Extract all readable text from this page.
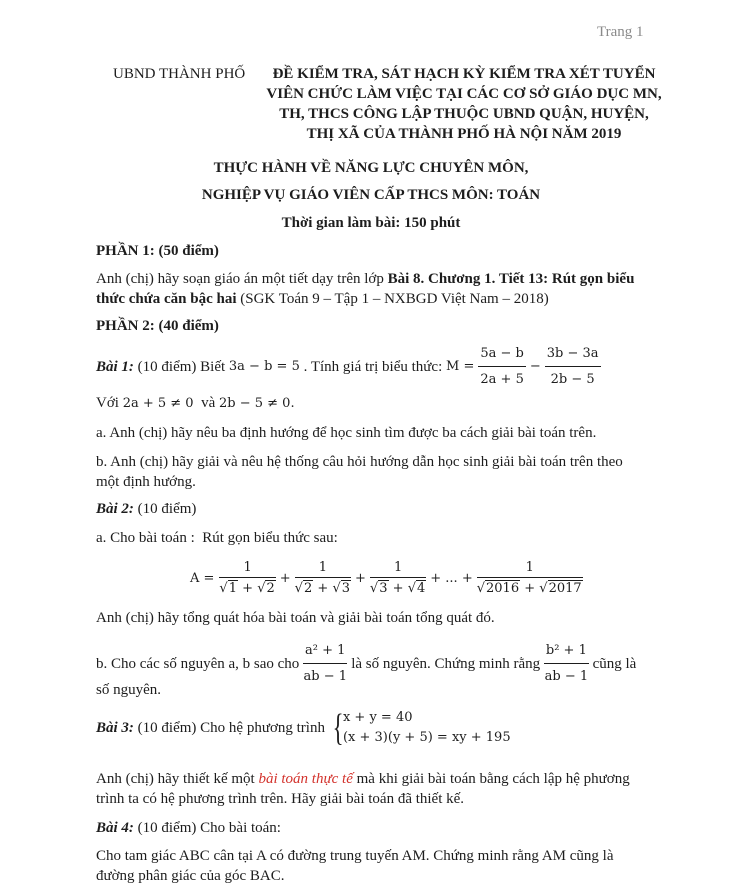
Trang 1
UBND THÀNH PHỐ	ĐỀ KIỂM TRA, SÁT HẠCH KỲ KIỂM TRA XÉT TUYỂN
VIÊN CHỨC LÀM VIỆC TẠI CÁC CƠ SỞ GIÁO DỤC MN,
TH, THCS CÔNG LẬP THUỘC UBND QUẬN, HUYỆN,
THỊ XÃ CỦA THÀNH PHỐ HÀ NỘI NĂM 2019
THỰC HÀNH VỀ NĂNG LỰC CHUYÊN MÔN,
NGHIỆP VỤ GIÁO VIÊN CẤP THCS MÔN: TOÁN
Thời gian làm bài: 150 phút
PHẦN 1: (50 điểm)
Anh (chị) hãy soạn giáo án một tiết dạy trên lớp Bài 8. Chương 1. Tiết 13: Rút gọn biểu
thức chứa căn bậc hai (SGK Toán 9 – Tập 1 – NXBGD Việt Nam – 2018)
PHẦN 2: (40 điểm)
Bài 1: (10 điểm) Biết 3a − b = 5 . Tính giá trị biểu thức: $M = \frac{5a - b}{2a + 5} - \frac{3b - 3a}{2b - 5}$
Với 2a + 5 ≠ 0  và 2b − 5 ≠ 0.
a. Anh (chị) hãy nêu ba định hướng để học sinh tìm được ba cách giải bài toán trên.
b. Anh (chị) hãy giải và nêu hệ thống câu hỏi hướng dẫn học sinh giải bài toán trên theo
một định hướng.
Bài 2: (10 điểm)
a. Cho bài toán :  Rút gọn biểu thức sau:
$A = \frac{1}{√1 + √2} + \frac{1}{√2 + √3} + \frac{1}{√3 + √4}$ + ... + $\frac{1}{√2016 + √2017}$
Anh (chị) hãy tổng quát hóa bài toán và giải bài toán tổng quát đó.
b. Cho các số nguyên a, b sao cho $\frac{\text{a² + 1}}{ab - 1}$ là số nguyên. Chứng minh rằng $\frac{\text{b² + 1}}{ab - 1}$ cũng là
số nguyên.
Bài 3: (10 điểm) Cho hệ phương trình { x + y = 40
(x + 3)(y + 5) = xy + 195
Anh (chị) hãy thiết kế một bài toán thực tế mà khi giải bài toán bằng cách lập hệ phương
trình ta có hệ phương trình trên. Hãy giải bài toán đã thiết kế.
Bài 4: (10 điểm) Cho bài toán:
Cho tam giác ABC cân tại A có đường trung tuyến AM. Chứng minh rằng AM cũng là
đường phân giác của góc BAC.
